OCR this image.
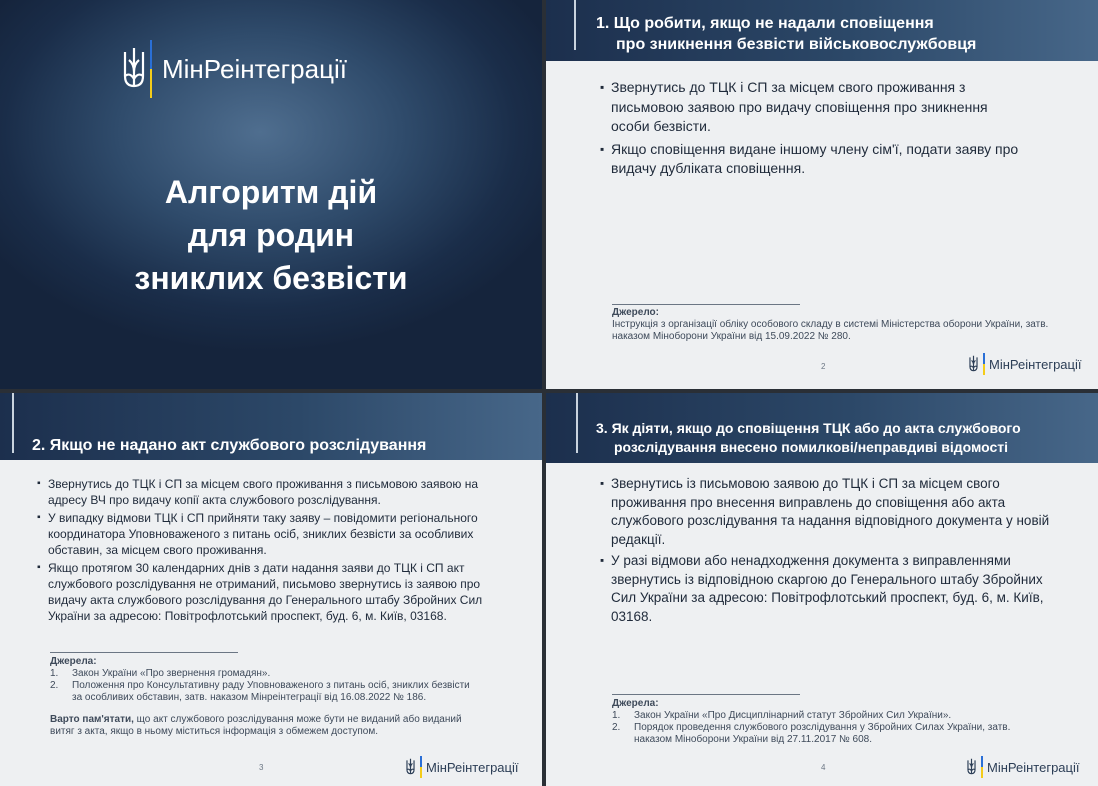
МінРеінтеграції
Алгоритм дій
для родин
зниклих безвісти
1. Що робити, якщо не надали сповіщення
про зникнення безвісти військовослужбовця
▪ Звернутись до ТЦК і СП за місцем свого проживання з письмовою заявою про видачу сповіщення про зникнення особи безвісти.
▪ Якщо сповіщення видане іншому члену сім'ї, подати заяву про видачу дублікатa сповіщення.
Джерело:
Інструкція з організації обліку особового складу в системі Міністерства оборони України, затв. наказом Міноборони України від 15.09.2022 № 280.
2	МінРеінтеграції
2. Якщо не надано акт службового розслідування
▪ Звернутись до ТЦК і СП за місцем свого проживання з письмовою заявою на адресу ВЧ про видачу копії акта службового розслідування.
▪ У випадку відмови ТЦК і СП прийняти таку заяву – повідомити регіонального координатора Уповноваженого з питань осіб, зниклих безвісти за особливих обставин, за місцем свого проживання.
▪ Якщо протягом 30 календарних днів з дати надання заяви до ТЦК і СП акт службового розслідування не отриманий, письмово звернутись із заявою про видачу акта службового розслідування до Генерального штабу Збройних Сил України за адресою: Повітрофлотський проспект, буд. 6, м. Київ, 03168.
Джерела:
1. Закон України «Про звернення громадян».
2. Положення про Консультативну раду Уповноваженого з питань осіб, зниклих безвісти за особливих обставин, затв. наказом Мінреінтеграції від 16.08.2022 № 186.
Варто пам'ятати, що акт службового розслідування може бути не виданий або виданий витяг з акта, якщо в ньому міститься інформація з обмежем доступом.
3	МінРеінтеграції
3. Як діяти, якщо до сповіщення ТЦК або до акта службового
розслідування внесено помилкові/неправдиві відомості
▪ Звернутись із письмовою заявою до ТЦК і СП за місцем свого проживання про внесення виправлень до сповіщення або акта службового розслідування та надання відповідного документа у новій редакції.
▪ У разі відмови або ненадходження документа з виправленнями звернутись із відповідною скаргою до Генерального штабу Збройних Сил України за адресою: Повітрофлотський проспект, буд. 6, м. Київ, 03168.
Джерела:
1. Закон України «Про Дисциплінарний статут Збройних Сил України».
2. Порядок проведення службового розслідування у Збройних Силах України, затв. наказом Міноборони України від 27.11.2017 № 608.
4	МінРеінтеграції
